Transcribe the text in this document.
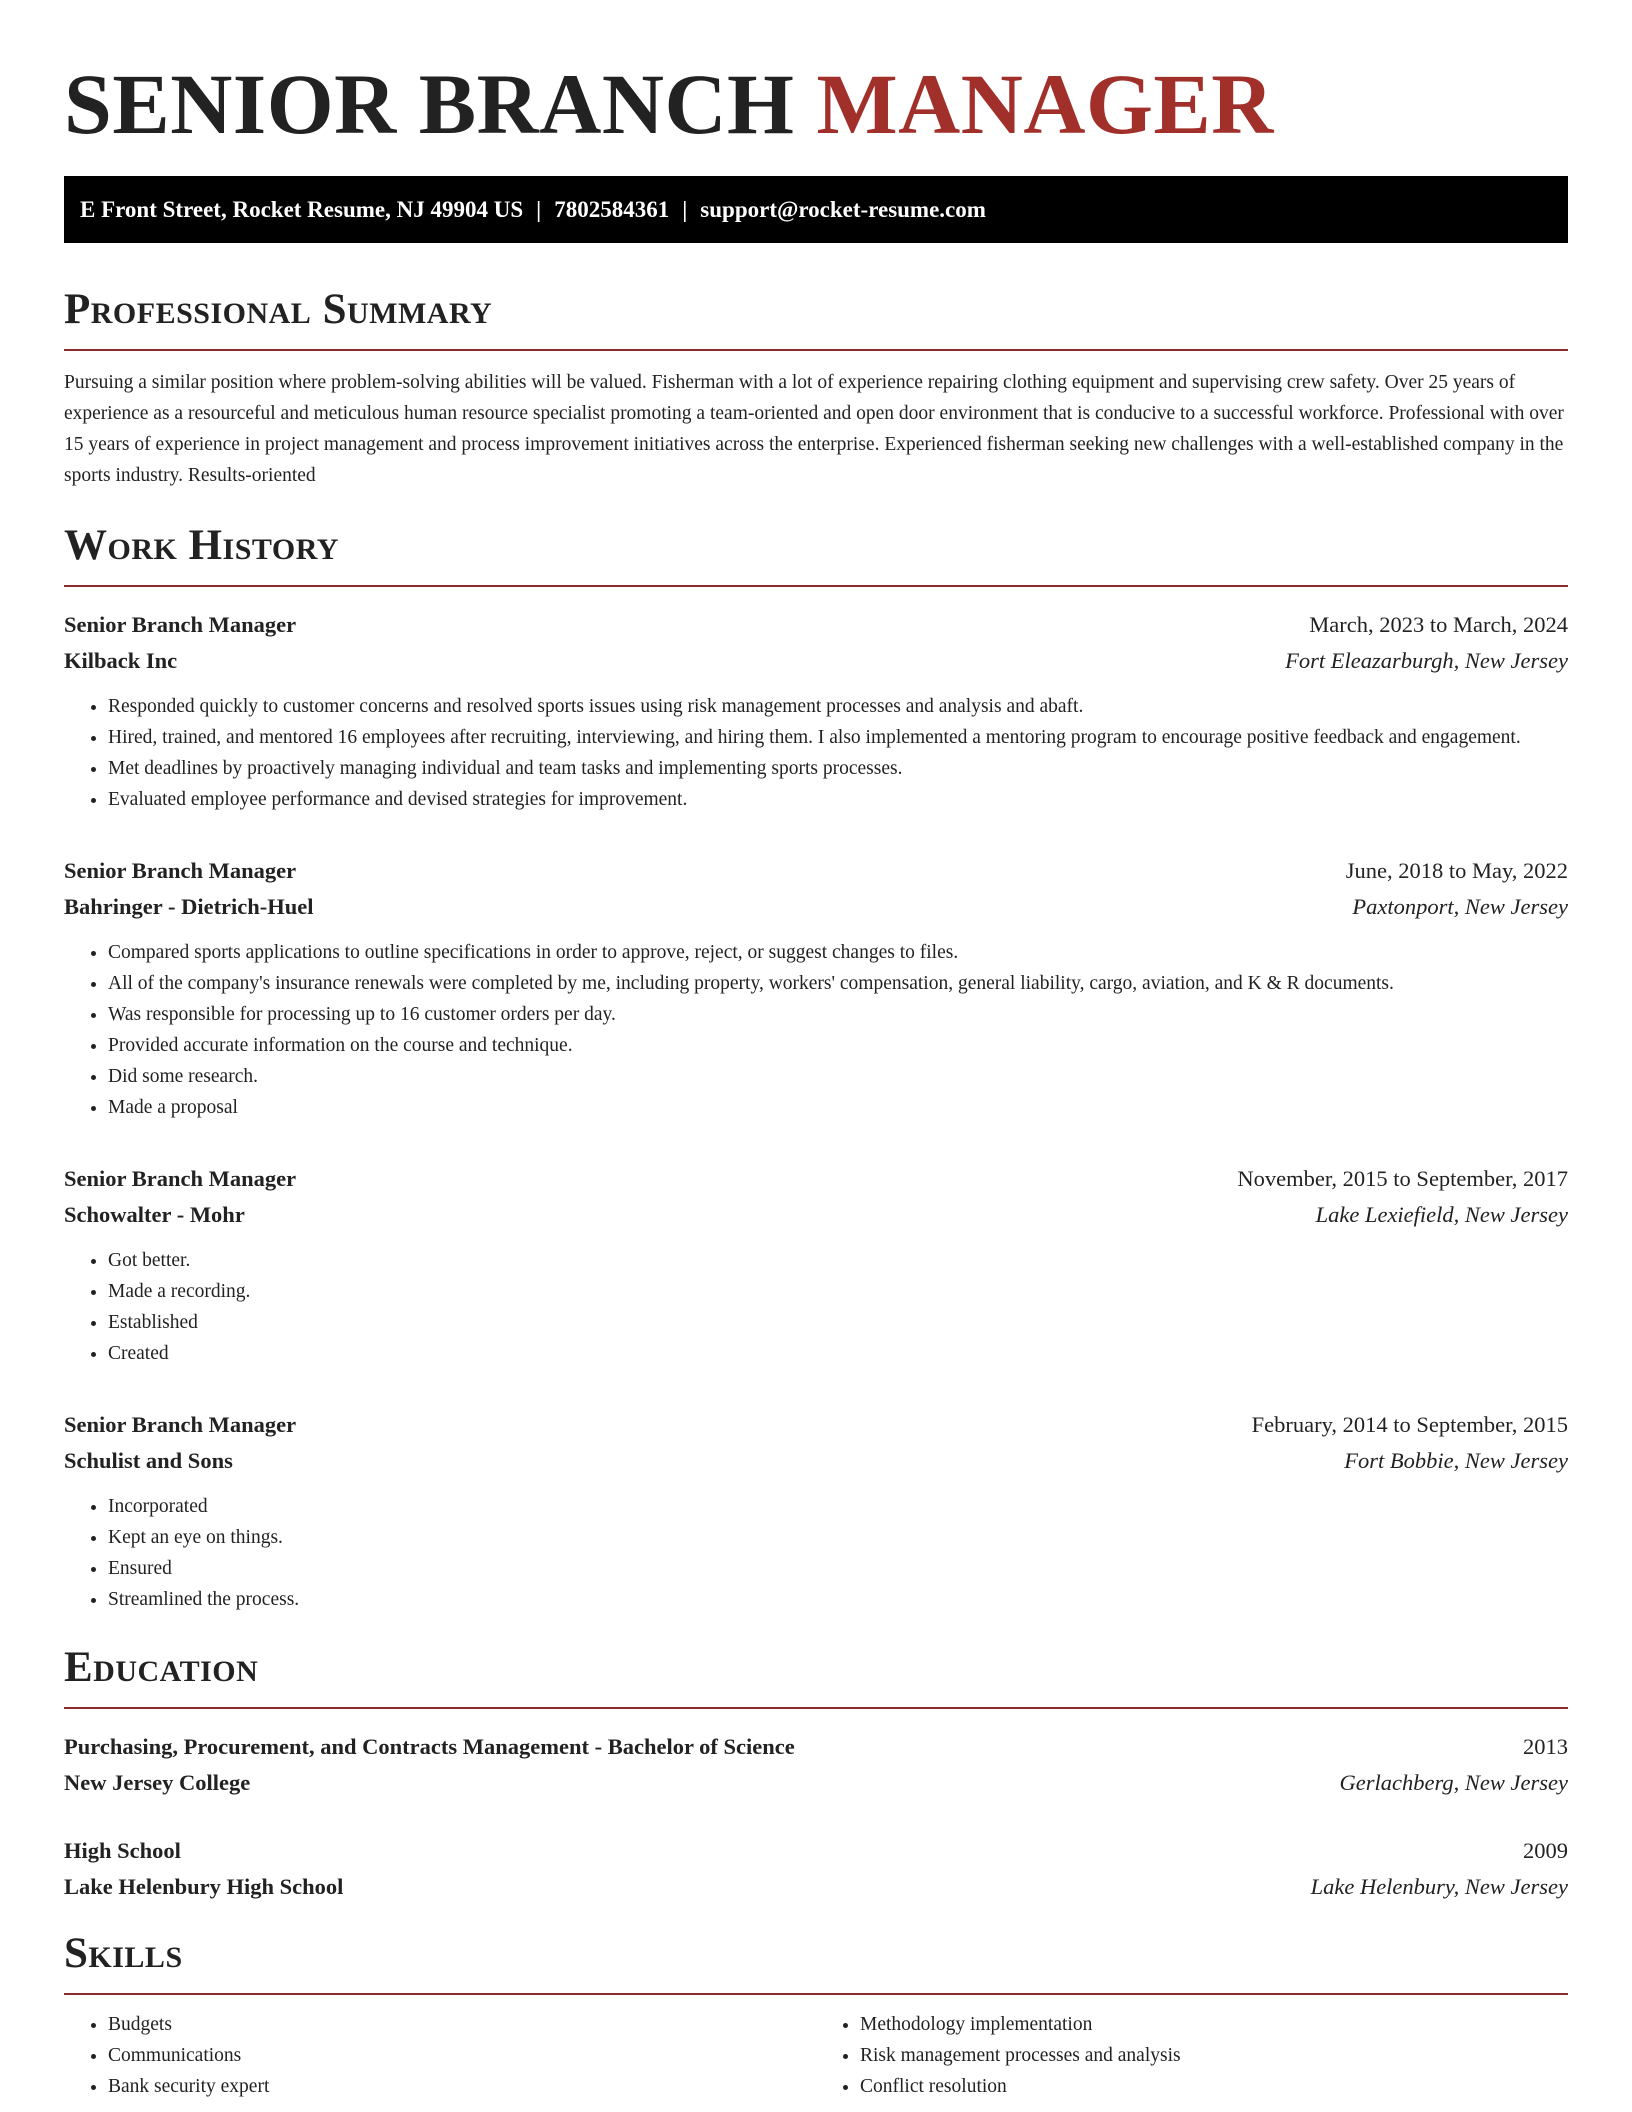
SENIOR BRANCH MANAGER
E Front Street, Rocket Resume, NJ 49904 US | 7802584361 | support@rocket-resume.com
Professional Summary

Pursuing a similar position where problem-solving abilities will be valued. Fisherman with a lot of experience repairing clothing equipment and supervising crew safety. Over 25 years of experience as a resourceful and meticulous human resource specialist promoting a team-oriented and open door environment that is conducive to a successful workforce. Professional with over 15 years of experience in project management and process improvement initiatives across the enterprise. Experienced fisherman seeking new challenges with a well-established company in the sports industry. Results-oriented

Work History
Senior Branch Manager	March, 2023 to March, 2024
Kilback Inc	Fort Eleazarburgh, New Jersey
• Responded quickly to customer concerns and resolved sports issues using risk management processes and analysis and abaft.
• Hired, trained, and mentored 16 employees after recruiting, interviewing, and hiring them. I also implemented a mentoring program to encourage positive feedback and engagement.
• Met deadlines by proactively managing individual and team tasks and implementing sports processes.
• Evaluated employee performance and devised strategies for improvement.
Senior Branch Manager	June, 2018 to May, 2022
Bahringer - Dietrich-Huel	Paxtonport, New Jersey
• Compared sports applications to outline specifications in order to approve, reject, or suggest changes to files.
• All of the company's insurance renewals were completed by me, including property, workers' compensation, general liability, cargo, aviation, and K & R documents.
• Was responsible for processing up to 16 customer orders per day.
• Provided accurate information on the course and technique.
• Did some research.
• Made a proposal
Senior Branch Manager	November, 2015 to September, 2017
Schowalter - Mohr	Lake Lexiefield, New Jersey
• Got better.
• Made a recording.
• Established
• Created
Senior Branch Manager	February, 2014 to September, 2015
Schulist and Sons	Fort Bobbie, New Jersey
• Incorporated
• Kept an eye on things.
• Ensured
• Streamlined the process.
Education
Purchasing, Procurement, and Contracts Management - Bachelor of Science	2013
New Jersey College	Gerlachberg, New Jersey
High School	2009
Lake Helenbury High School	Lake Helenbury, New Jersey
Skills
• Budgets
• Communications
• Bank security expert
• Methodology implementation
• Risk management processes and analysis
• Conflict resolution
